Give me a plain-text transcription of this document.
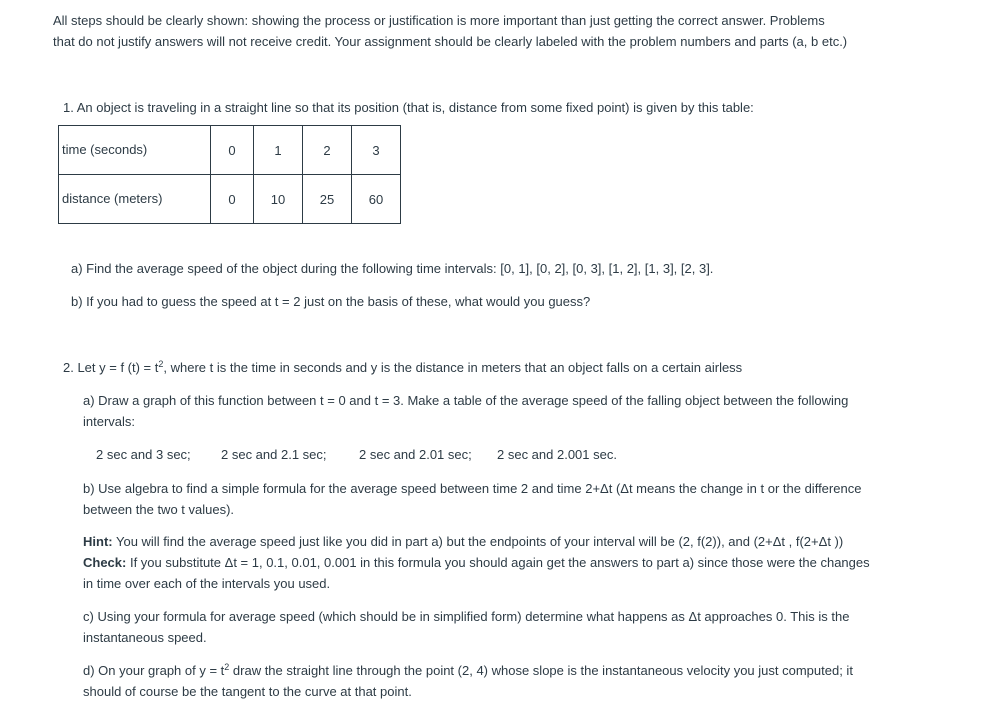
All steps should be clearly shown: showing the process or justification is more important than just getting the correct answer. Problems
that do not justify answers will not receive credit. Your assignment should be clearly labeled with the problem numbers and parts (a, b etc.)
1. An object is traveling in a straight line so that its position (that is, distance from some fixed point) is given by this table:
time (seconds)	0	1	2	3
distance (meters)	0	10	25	60
a) Find the average speed of the object during the following time intervals: [0, 1], [0, 2], [0, 3], [1, 2], [1, 3], [2, 3].
b) If you had to guess the speed at t = 2 just on the basis of these, what would you guess?
2. Let y = f $(t) = t^2$, where t is the time in seconds and y is the distance in meters that an object falls on a certain airless
a) Draw a graph of this function between t = 0 and t = 3. Make a table of the average speed of the falling object between the following intervals:
2 sec and 3 sec; 2 sec and 2.1 sec; 2 sec and 2.01 sec; 2 sec and 2.001 sec.
b) Use algebra to find a simple formula for the average speed between time 2 and time 2+Δt (Δt means the change in t or the difference between the two t values).
Hint: You will find the average speed just like you did in part a) but the endpoints of your interval will be (2, f(2)), and (2+Δt , f(2+Δt ))
Check: If you substitute Δt = 1, 0.1, 0.01, 0.001 in this formula you should again get the answers to part a) since those were the changes in time over each of the intervals you used.
c) Using your formula for average speed (which should be in simplified form) determine what happens as Δt approaches 0. This is the instantaneous speed.
d) On your graph of $y = t^2$ draw the straight line through the point (2, 4) whose slope is the instantaneous velocity you just computed; it should of course be the tangent to the curve at that point.
